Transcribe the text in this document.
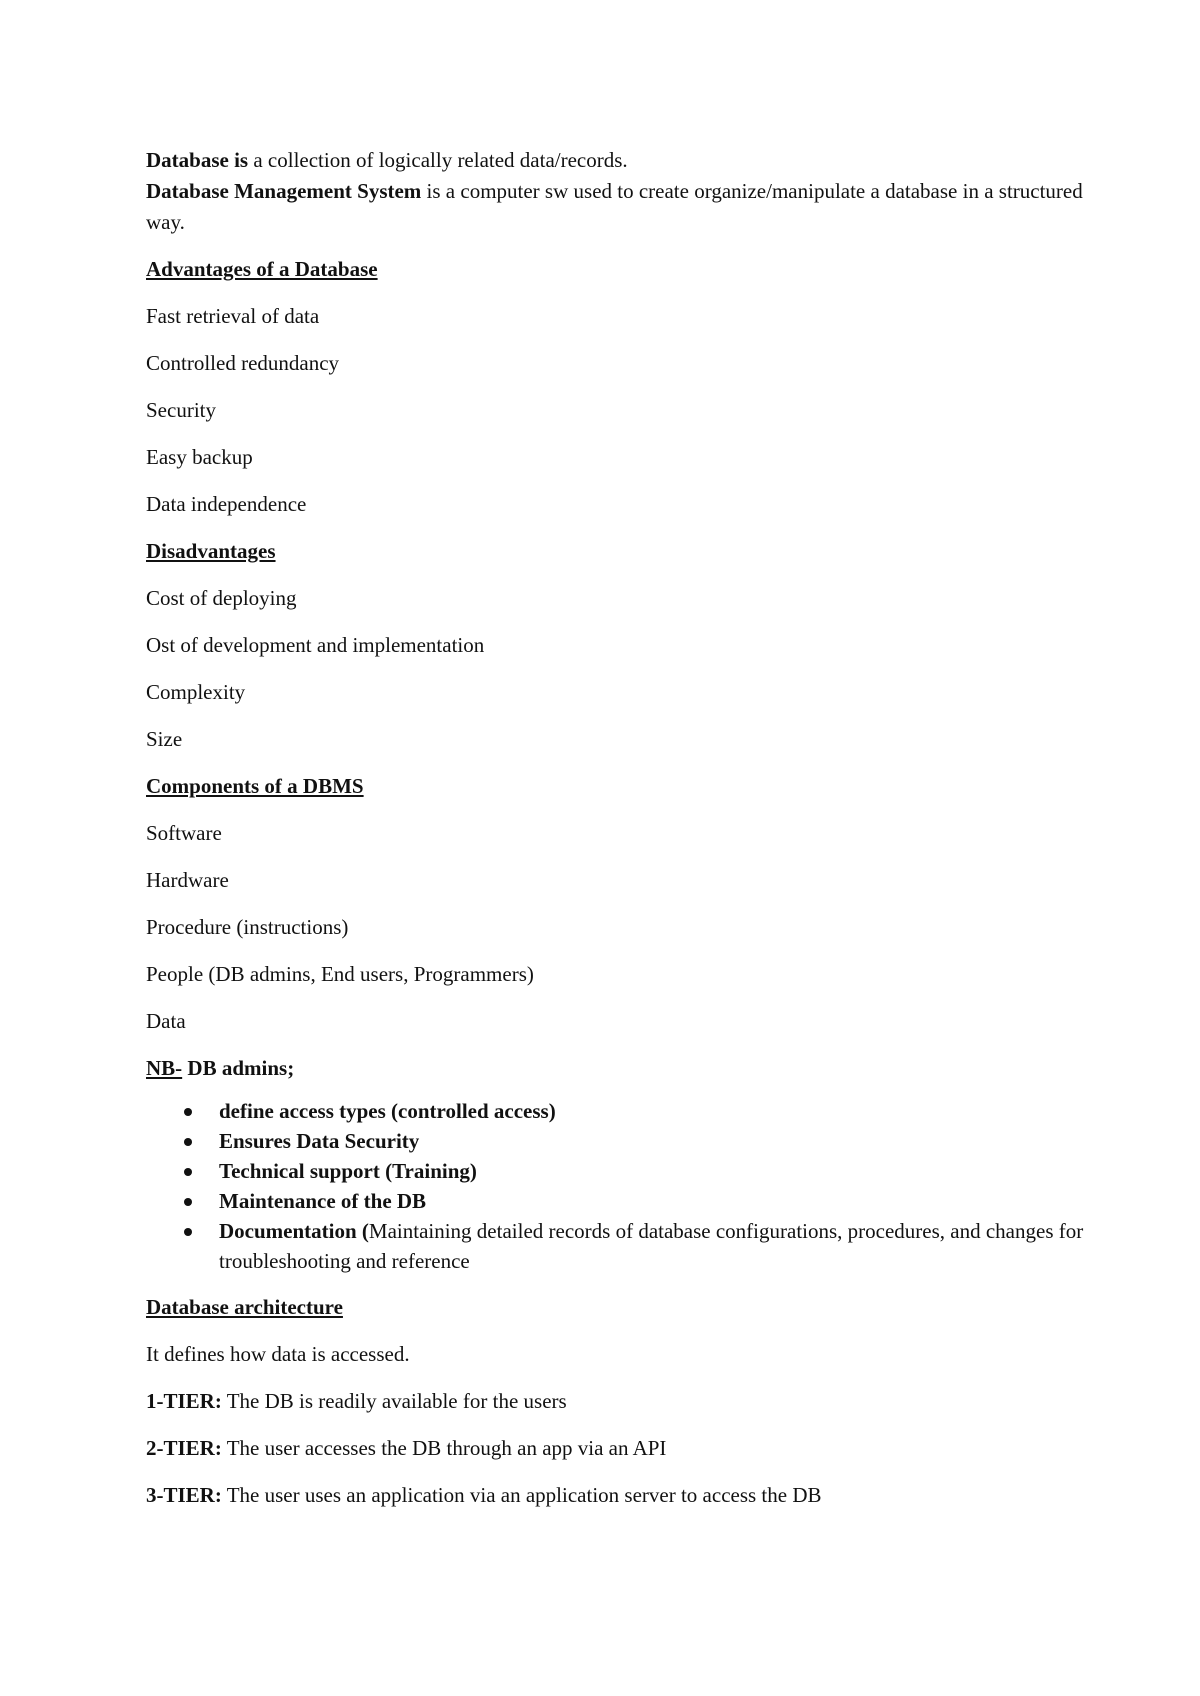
Database is a collection of logically related data/records.

Database Management System is a computer sw used to create organize/manipulate a database in a structured way.

Advantages of a Database

Fast retrieval of data

Controlled redundancy

Security

Easy backup

Data independence

Disadvantages

Cost of deploying

Ost of development and implementation

Complexity

Size

Components of a DBMS

Software

Hardware

Procedure (instructions)

People (DB admins, End users, Programmers)

Data

NB- DB admins;

define access types (controlled access)
Ensures Data Security
Technical support (Training)
Maintenance of the DB
Documentation (Maintaining detailed records of database configurations, procedures, and changes for troubleshooting and reference

Database architecture

It defines how data is accessed.

1-TIER: The DB is readily available for the users

2-TIER: The user accesses the DB through an app via an API

3-TIER: The user uses an application via an application server to access the DB
